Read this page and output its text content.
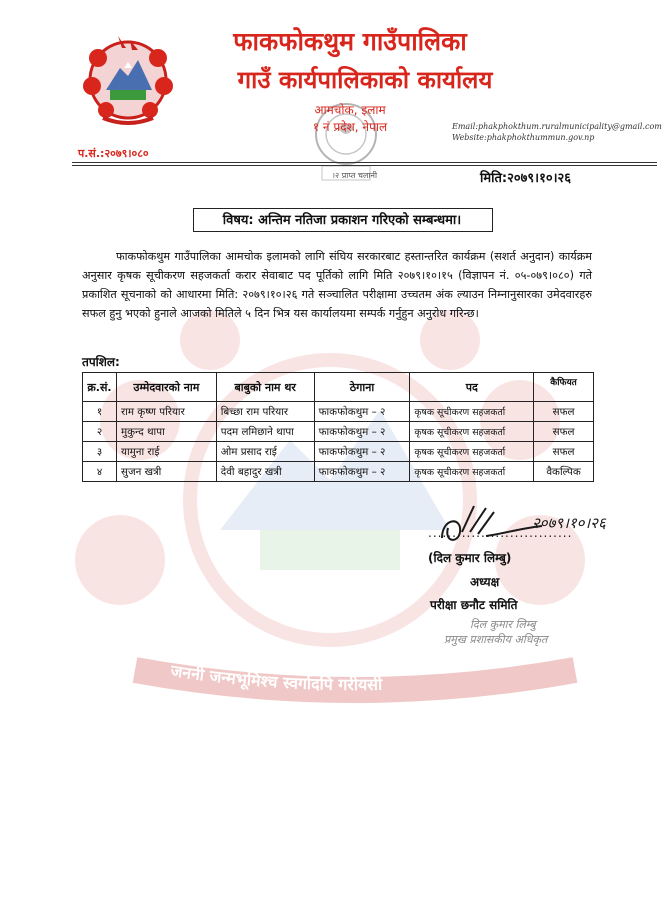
फाकफोकथुम गाउँपालिका
गाउँ कार्यपालिकाको कार्यालय
आमचोक, इलाम
१ नं प्रदेश, नेपाल	Email:phakphokthum.ruralmunicipality@gmail.com
Website:phakphokthummun.gov.np
प.सं.:२०७९।०८०
।२ प्राप्त चलानी	मिति:२०७९।१०।२६
विषय: अन्तिम नतिजा प्रकाशन गरिएको सम्बन्धमा।
फाकफोकथुम गाउँपालिका आमचोक इलामको लागि संघिय सरकारबाट हस्तान्तरित कार्यक्रम (सशर्त अनुदान) कार्यक्रम अनुसार कृषक सूचीकरण सहजकर्ता करार सेवाबाट पद पूर्तिको लागि मिति २०७९।१०।१५ (विज्ञापन नं. ०५-०७९।०८०) गते प्रकाशित सूचनाको को आधारमा मिति: २०७९।१०।२६ गते सञ्चालित परीक्षामा उच्चतम अंक ल्याउन निम्नानुसारका उमेदवारहरु सफल हुनु भएको हुनाले आजको मितिले ५ दिन भित्र यस कार्यालयमा सम्पर्क गर्नुहुन अनुरोध गरिन्छ।
तपशिल:
क्र.सं.	उम्मेदवारको नाम	बाबुको नाम थर	ठेगाना	पद	कैफियत
१	राम कृष्ण परियार	बिच्छा राम परियार	फाकफोकथुम – २	कृषक सूचीकरण सहजकर्ता	सफल
२	मुकुन्द थापा	पदम लमिछाने थापा	फाकफोकथुम – २	कृषक सूचीकरण सहजकर्ता	सफल
३	यामुना राई	ओम प्रसाद राई	फाकफोकथुम – २	कृषक सूचीकरण सहजकर्ता	सफल
४	सुजन खत्री	देवी बहादुर खत्री	फाकफोकथुम – २	कृषक सूचीकरण सहजकर्ता	वैकल्पिक
२०७९।१०।२६
..............................
(दिल कुमार लिम्बु)
अध्यक्ष
परीक्षा छनौट समिति
दिल कुमार लिम्बु
प्रमुख प्रशासकीय अधिकृत
जननी जन्मभूमिश्च स्वर्गादपि गरीयसी
